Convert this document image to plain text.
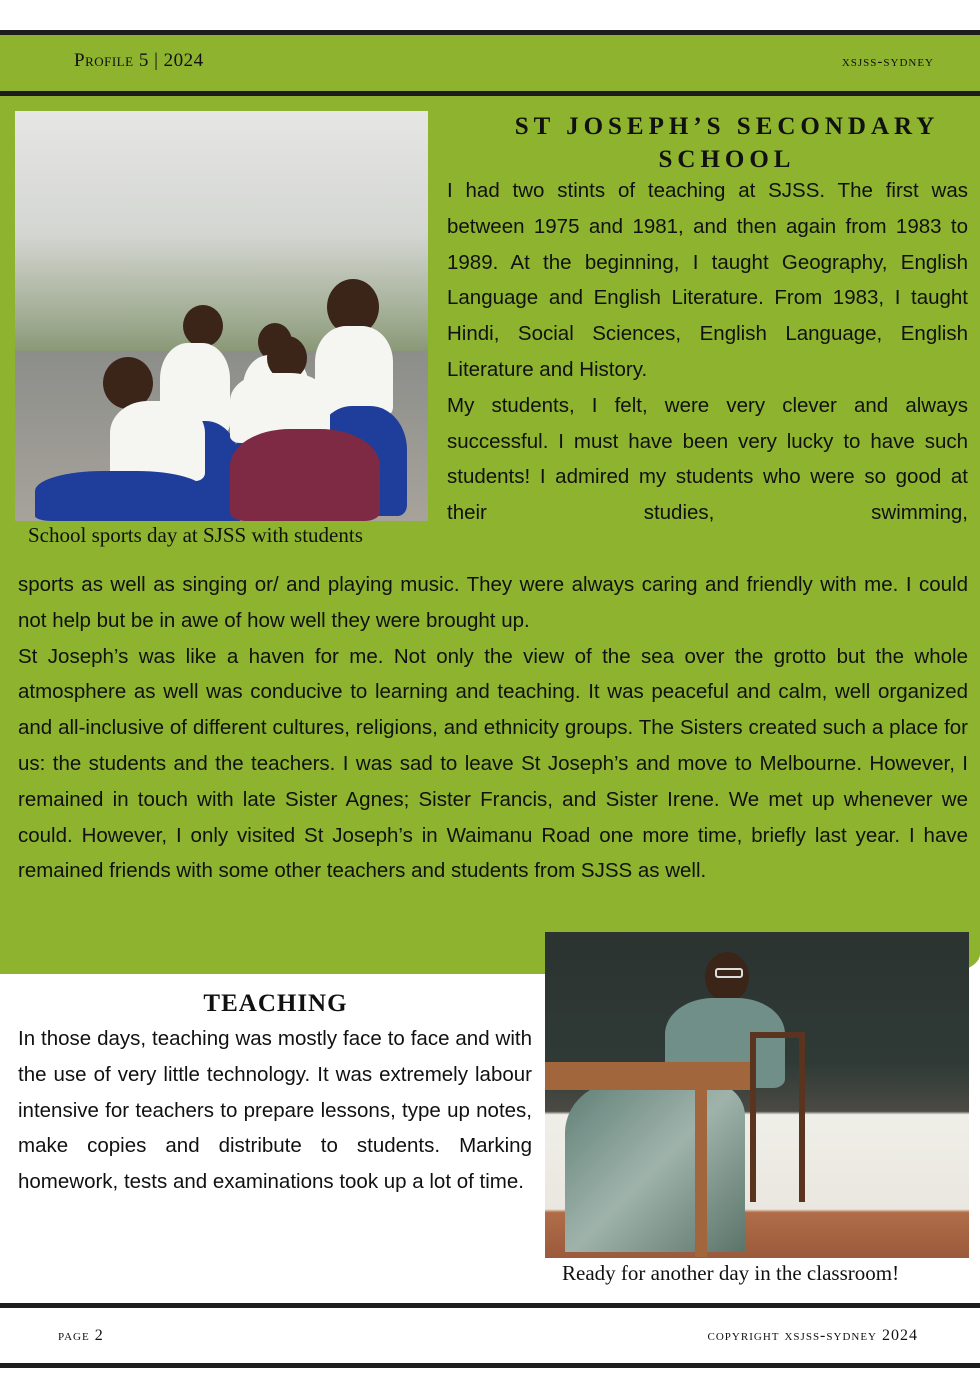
Profile 5 | 2024	xsjss-sydney
School sports day at SJSS with students
ST JOSEPH’S SECONDARY
SCHOOL

I had two stints of teaching at SJSS. The first was between 1975 and 1981, and then again from 1983 to 1989. At the beginning, I taught Geography, English Language and English Literature. From 1983, I taught Hindi, Social Sciences, English Language, English Literature and History.

My students, I felt, were very clever and always successful. I must have been very lucky to have such students! I admired my students who were so good at their studies, swimming,

sports as well as singing or/ and playing music. They were always caring and friendly with me. I could not help but be in awe of how well they were brought up.

St Joseph’s was like a haven for me. Not only the view of the sea over the grotto but the whole atmosphere as well was conducive to learning and teaching. It was peaceful and calm, well organized and all-inclusive of different cultures, religions, and ethnicity groups. The Sisters created such a place for us: the students and the teachers. I was sad to leave St Joseph’s and move to Melbourne. However, I remained in touch with late Sister Agnes; Sister Francis, and Sister Irene. We met up whenever we could. However, I only visited St Joseph’s in Waimanu Road one more time, briefly last year. I have remained friends with some other teachers and students from SJSS as well.

Ready for another day in the classroom!
TEACHING
In those days, teaching was mostly face to face and with the use of very little technology. It was extremely labour intensive for teachers to prepare lessons, type up notes, make copies and distribute to students. Marking homework, tests and examinations took up a lot of time.
page 2	copyright xsjss-sydney 2024
